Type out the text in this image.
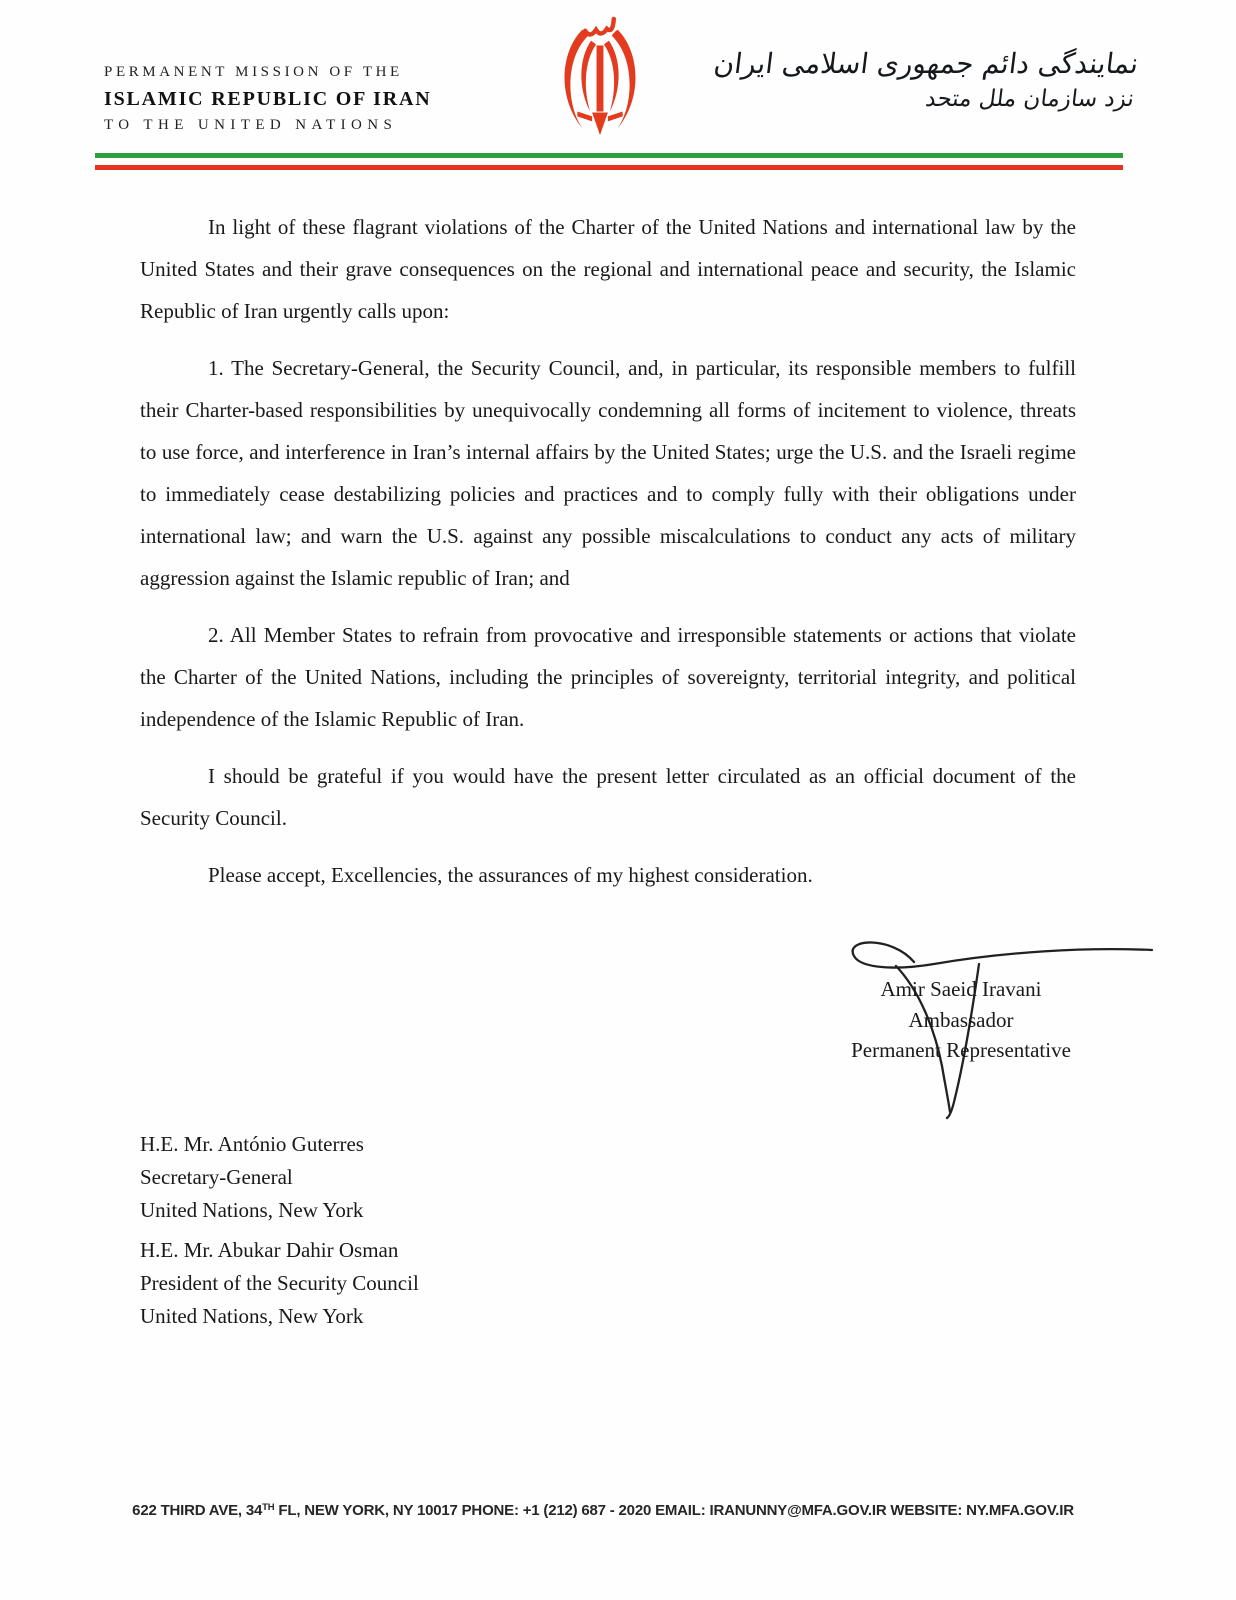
PERMANENT MISSION OF THE
ISLAMIC REPUBLIC OF IRAN
TO THE UNITED NATIONS
نمایندگی دائم جمهوری اسلامی ایران
نزد سازمان ملل متحد

In light of these flagrant violations of the Charter of the United Nations and international law by the United States and their grave consequences on the regional and international peace and security, the Islamic Republic of Iran urgently calls upon:

1. The Secretary-General, the Security Council, and, in particular, its responsible members to fulfill their Charter-based responsibilities by unequivocally condemning all forms of incitement to violence, threats to use force, and interference in Iran’s internal affairs by the United States; urge the U.S. and the Israeli regime to immediately cease destabilizing policies and practices and to comply fully with their obligations under international law; and warn the U.S. against any possible miscalculations to conduct any acts of military aggression against the Islamic republic of Iran; and

2. All Member States to refrain from provocative and irresponsible statements or actions that violate the Charter of the United Nations, including the principles of sovereignty, territorial integrity, and political independence of the Islamic Republic of Iran.

I should be grateful if you would have the present letter circulated as an official document of the Security Council.

Please accept, Excellencies, the assurances of my highest consideration.

Amir Saeid Iravani
Ambassador
Permanent Representative
H.E. Mr. António Guterres
Secretary-General
United Nations, New York
H.E. Mr. Abukar Dahir Osman
President of the Security Council
United Nations, New York
622 THIRD AVE, 34TH FL, NEW YORK, NY 10017 PHONE: +1 (212) 687 - 2020 EMAIL: IRANUNNY@MFA.GOV.IR WEBSITE: NY.MFA.GOV.IR
